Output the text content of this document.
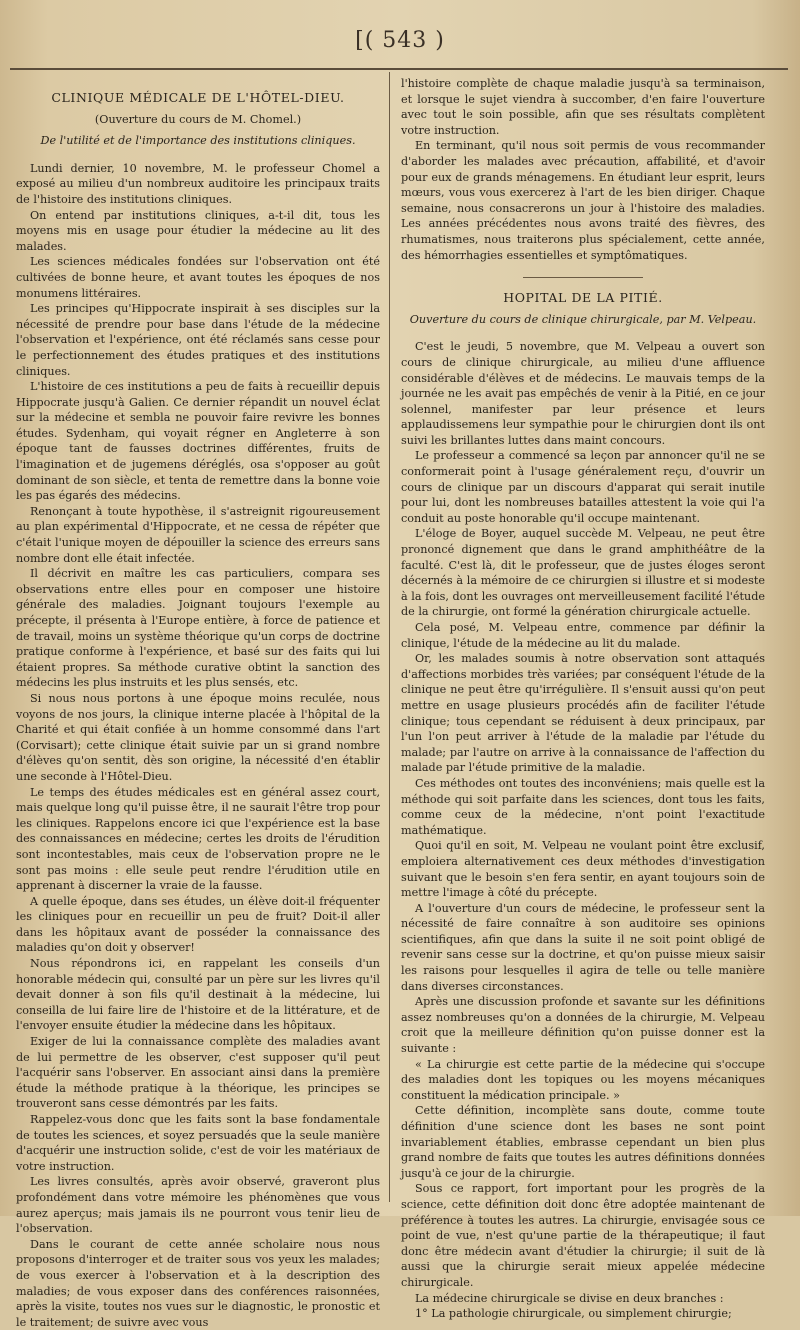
[( 543 )
CLINIQUE MÉDICALE DE L'HÔTEL-DIEU.
(Ouverture du cours de M. Chomel.)
De l'utilité et de l'importance des institutions cliniques.

Lundi dernier, 10 novembre, M. le professeur Chomel a exposé au milieu d'un nombreux auditoire les principaux traits de l'histoire des institutions cliniques.

On entend par institutions cliniques, a-t-il dit, tous les moyens mis en usage pour étudier la médecine au lit des malades.

Les sciences médicales fondées sur l'observation ont été cultivées de bonne heure, et avant toutes les époques de nos monumens littéraires.

Les principes qu'Hippocrate inspirait à ses disciples sur la nécessité de prendre pour base dans l'étude de la médecine l'observation et l'expérience, ont été réclamés sans cesse pour le perfectionnement des études pratiques et des institutions cliniques.

L'histoire de ces institutions a peu de faits à recueillir depuis Hippocrate jusqu'à Galien. Ce dernier répandit un nouvel éclat sur la médecine et sembla ne pouvoir faire revivre les bonnes études. Sydenham, qui voyait régner en Angleterre à son époque tant de fausses doctrines différentes, fruits de l'imagination et de jugemens déréglés, osa s'opposer au goût dominant de son siècle, et tenta de remettre dans la bonne voie les pas égarés des médecins.

Renonçant à toute hypothèse, il s'astreignit rigoureusement au plan expérimental d'Hippocrate, et ne cessa de répéter que c'était l'unique moyen de dépouiller la science des erreurs sans nombre dont elle était infectée.

Il décrivit en maître les cas particuliers, compara ses observations entre elles pour en composer une histoire générale des maladies. Joignant toujours l'exemple au précepte, il présenta à l'Europe entière, à force de patience et de travail, moins un système théorique qu'un corps de doctrine pratique conforme à l'expérience, et basé sur des faits qui lui étaient propres. Sa méthode curative obtint la sanction des médecins les plus instruits et les plus sensés, etc.

Si nous nous portons à une époque moins reculée, nous voyons de nos jours, la clinique interne placée à l'hôpital de la Charité et qui était confiée à un homme consommé dans l'art (Corvisart); cette clinique était suivie par un si grand nombre d'élèves qu'on sentit, dès son origine, la nécessité d'en établir une seconde à l'Hôtel-Dieu.

Le temps des études médicales est en général assez court, mais quelque long qu'il puisse être, il ne saurait l'être trop pour les cliniques. Rappelons encore ici que l'expérience est la base des connaissances en médecine; certes les droits de l'érudition sont incontestables, mais ceux de l'observation propre ne le sont pas moins : elle seule peut rendre l'érudition utile en apprenant à discerner la vraie de la fausse.

A quelle époque, dans ses études, un élève doit-il fréquenter les cliniques pour en recueillir un peu de fruit? Doit-il aller dans les hôpitaux avant de posséder la connaissance des maladies qu'on doit y observer!

Nous répondrons ici, en rappelant les conseils d'un honorable médecin qui, consulté par un père sur les livres qu'il devait donner à son fils qu'il destinait à la médecine, lui conseilla de lui faire lire de l'histoire et de la littérature, et de l'envoyer ensuite étudier la médecine dans les hôpitaux.

Exiger de lui la connaissance complète des maladies avant de lui permettre de les observer, c'est supposer qu'il peut l'acquérir sans l'observer. En associant ainsi dans la première étude la méthode pratique à la théorique, les principes se trouveront sans cesse démontrés par les faits.

Rappelez-vous donc que les faits sont la base fondamentale de toutes les sciences, et soyez persuadés que la seule manière d'acquérir une instruction solide, c'est de voir les matériaux de votre instruction.

Les livres consultés, après avoir observé, graveront plus profondément dans votre mémoire les phénomènes que vous aurez aperçus; mais jamais ils ne pourront vous tenir lieu de l'observation.

Dans le courant de cette année scholaire nous nous proposons d'interroger et de traiter sous vos yeux les malades; de vous exercer à l'observation et à la description des maladies; de vous exposer dans des conférences raisonnées, après la visite, toutes nos vues sur le diagnostic, le pronostic et le traitement; de suivre avec vous

l'histoire complète de chaque maladie jusqu'à sa terminaison, et lorsque le sujet viendra à succomber, d'en faire l'ouverture avec tout le soin possible, afin que ses résultats complètent votre instruction.

En terminant, qu'il nous soit permis de vous recommander d'aborder les malades avec précaution, affabilité, et d'avoir pour eux de grands ménagemens. En étudiant leur esprit, leurs mœurs, vous vous exercerez à l'art de les bien diriger. Chaque semaine, nous consacrerons un jour à l'histoire des maladies. Les années précédentes nous avons traité des fièvres, des rhumatismes, nous traiterons plus spécialement, cette année, des hémorrhagies essentielles et symptômatiques.

HOPITAL DE LA PITIÉ.
Ouverture du cours de clinique chirurgicale, par M. Velpeau.

C'est le jeudi, 5 novembre, que M. Velpeau a ouvert son cours de clinique chirurgicale, au milieu d'une affluence considérable d'élèves et de médecins. Le mauvais temps de la journée ne les avait pas empêchés de venir à la Pitié, en ce jour solennel, manifester par leur présence et leurs applaudissemens leur sympathie pour le chirurgien dont ils ont suivi les brillantes luttes dans maint concours.

Le professeur a commencé sa leçon par annoncer qu'il ne se conformerait point à l'usage généralement reçu, d'ouvrir un cours de clinique par un discours d'apparat qui serait inutile pour lui, dont les nombreuses batailles attestent la voie qui l'a conduit au poste honorable qu'il occupe maintenant.

L'éloge de Boyer, auquel succède M. Velpeau, ne peut être prononcé dignement que dans le grand amphithéâtre de la faculté. C'est là, dit le professeur, que de justes éloges seront décernés à la mémoire de ce chirurgien si illustre et si modeste à la fois, dont les ouvrages ont merveilleusement facilité l'étude de la chirurgie, ont formé la génération chirurgicale actuelle.

Cela posé, M. Velpeau entre, commence par définir la clinique, l'étude de la médecine au lit du malade.

Or, les malades soumis à notre observation sont attaqués d'affections morbides très variées; par conséquent l'étude de la clinique ne peut être qu'irrégulière. Il s'ensuit aussi qu'on peut mettre en usage plusieurs procédés afin de faciliter l'étude clinique; tous cependant se réduisent à deux principaux, par l'un l'on peut arriver à l'étude de la maladie par l'étude du malade; par l'autre on arrive à la connaissance de l'affection du malade par l'étude primitive de la maladie.

Ces méthodes ont toutes des inconvéniens; mais quelle est la méthode qui soit parfaite dans les sciences, dont tous les faits, comme ceux de la médecine, n'ont point l'exactitude mathématique.

Quoi qu'il en soit, M. Velpeau ne voulant point être exclusif, emploiera alternativement ces deux méthodes d'investigation suivant que le besoin s'en fera sentir, en ayant toujours soin de mettre l'image à côté du précepte.

A l'ouverture d'un cours de médecine, le professeur sent la nécessité de faire connaître à son auditoire ses opinions scientifiques, afin que dans la suite il ne soit point obligé de revenir sans cesse sur la doctrine, et qu'on puisse mieux saisir les raisons pour lesquelles il agira de telle ou telle manière dans diverses circonstances.

Après une discussion profonde et savante sur les définitions assez nombreuses qu'on a données de la chirurgie, M. Velpeau croit que la meilleure définition qu'on puisse donner est la suivante :

« La chirurgie est cette partie de la médecine qui s'occupe des maladies dont les topiques ou les moyens mécaniques constituent la médication principale. »

Cette définition, incomplète sans doute, comme toute définition d'une science dont les bases ne sont point invariablement établies, embrasse cependant un bien plus grand nombre de faits que toutes les autres définitions données jusqu'à ce jour de la chirurgie.

Sous ce rapport, fort important pour les progrès de la science, cette définition doit donc être adoptée maintenant de préférence à toutes les autres. La chirurgie, envisagée sous ce point de vue, n'est qu'une partie de la thérapeutique; il faut donc être médecin avant d'étudier la chirurgie; il suit de là aussi que la chirurgie serait mieux appelée médecine chirurgicale.

La médecine chirurgicale se divise en deux branches :

1° La pathologie chirurgicale, ou simplement chirurgie;
